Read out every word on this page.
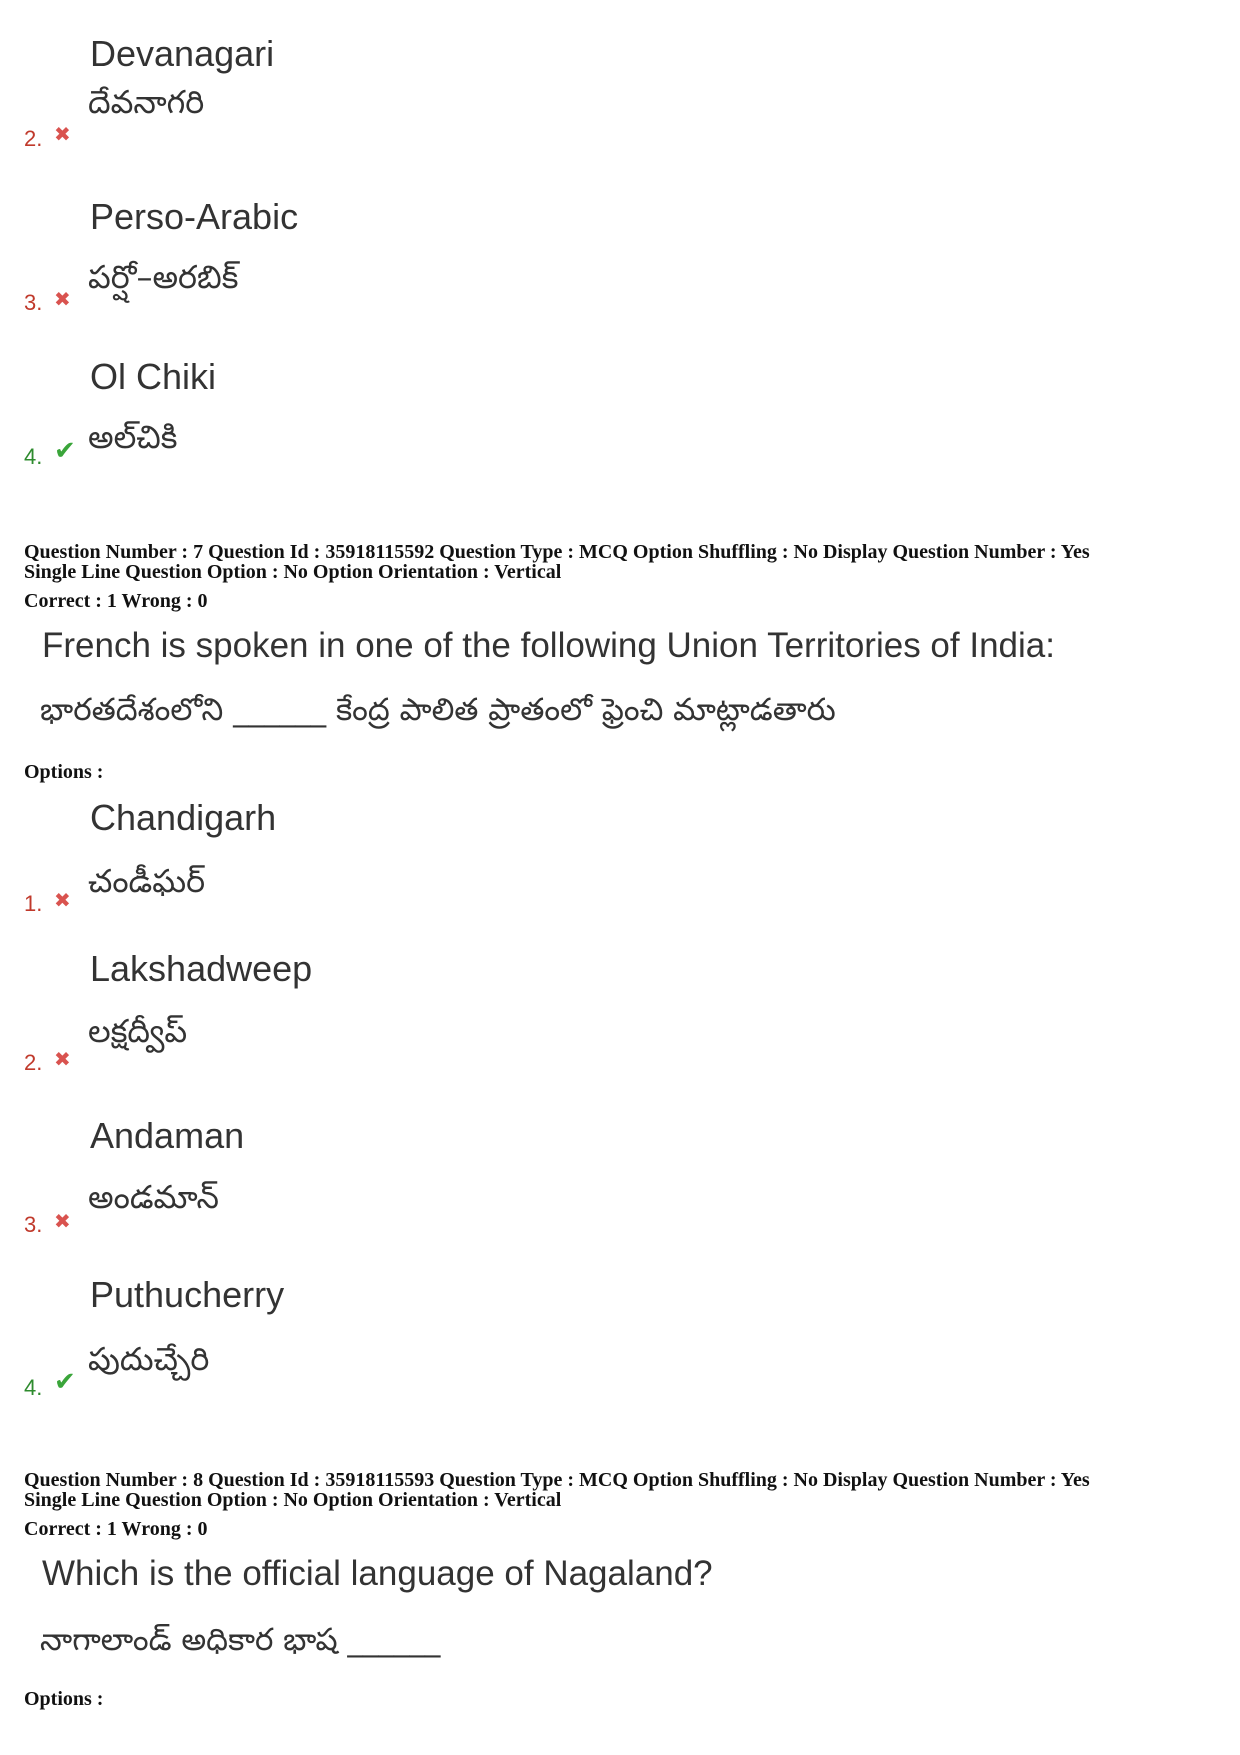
Devanagari
దేవనాగరి
2. ✖
Perso-Arabic
పర్షో–అరబిక్
3. ✖
Ol Chiki
అల్‌చికి
4. ✔
Question Number : 7 Question Id : 35918115592 Question Type : MCQ Option Shuffling : No Display Question Number : Yes
Single Line Question Option : No Option Orientation : Vertical
Correct : 1 Wrong : 0
French is spoken in one of the following Union Territories of India:
భారతదేశంలోని ______ కేంద్ర పాలిత ప్రాతంలో ఫ్రెంచి మాట్లాడతారు
Options :
Chandigarh
చండీఘర్
1. ✖
Lakshadweep
లక్షద్వీప్
2. ✖
Andaman
అండమాన్
3. ✖
Puthucherry
పుదుచ్చేరి
4. ✔
Question Number : 8 Question Id : 35918115593 Question Type : MCQ Option Shuffling : No Display Question Number : Yes
Single Line Question Option : No Option Orientation : Vertical
Correct : 1 Wrong : 0
Which is the official language of Nagaland?
నాగాలాండ్ అధికార భాష ______
Options :
